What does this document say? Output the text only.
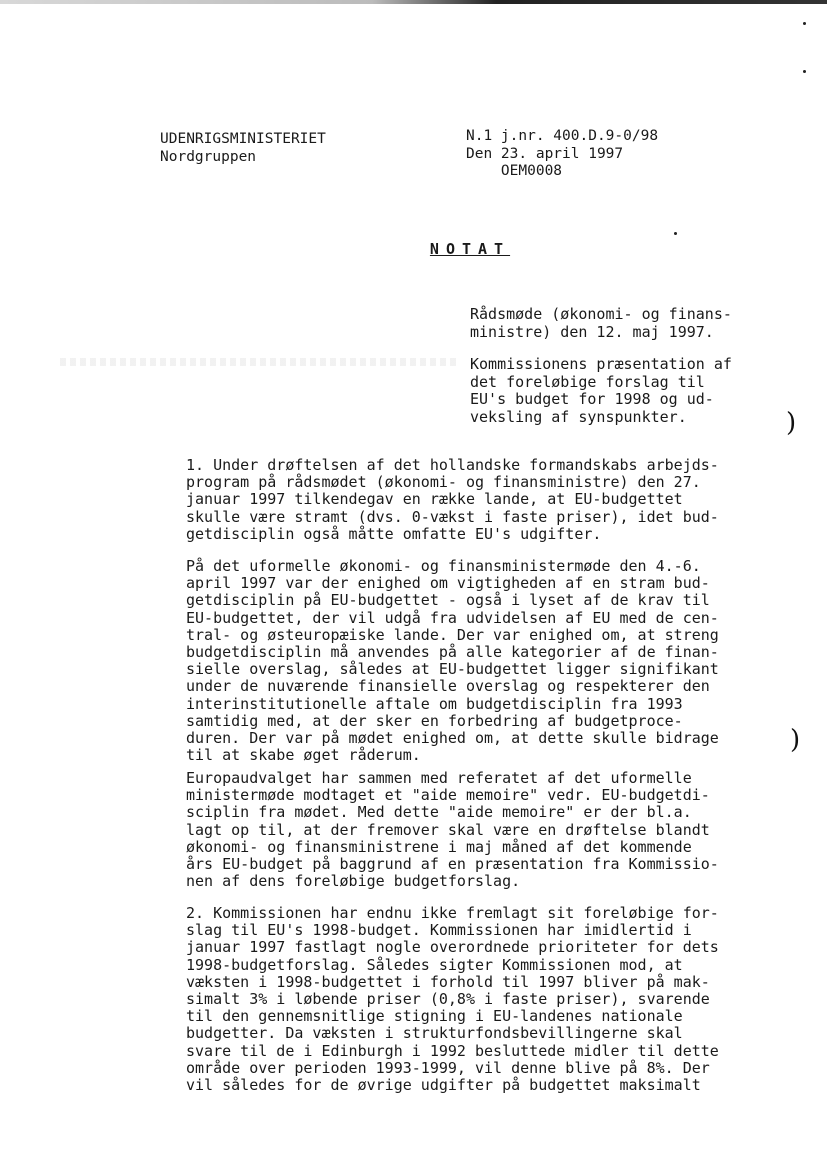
UDENRIGSMINISTERIET
Nordgruppen
N.1 j.nr. 400.D.9-0/98
Den 23. april 1997
OEM0008
NOTAT
Rådsmøde (økonomi- og finans-
ministre) den 12. maj 1997.
Kommissionens præsentation af
det foreløbige forslag til
EU's budget for 1998 og ud-
veksling af synspunkter.
1. Under drøftelsen af det hollandske formandskabs arbejds-
program på rådsmødet (økonomi- og finansministre) den 27.
januar 1997 tilkendegav en række lande, at EU-budgettet
skulle være stramt (dvs. 0-vækst i faste priser), idet bud-
getdisciplin også måtte omfatte EU's udgifter.
På det uformelle økonomi- og finansministermøde den 4.-6.
april 1997 var der enighed om vigtigheden af en stram bud-
getdisciplin på EU-budgettet - også i lyset af de krav til
EU-budgettet, der vil udgå fra udvidelsen af EU med de cen-
tral- og østeuropæiske lande. Der var enighed om, at streng
budgetdisciplin må anvendes på alle kategorier af de finan-
sielle overslag, således at EU-budgettet ligger signifikant
under de nuværende finansielle overslag og respekterer den
interinstitutionelle aftale om budgetdisciplin fra 1993
samtidig med, at der sker en forbedring af budgetproce-
duren. Der var på mødet enighed om, at dette skulle bidrage
til at skabe øget råderum.
Europaudvalget har sammen med referatet af det uformelle
ministermøde modtaget et "aide memoire" vedr. EU-budgetdi-
sciplin fra mødet. Med dette "aide memoire" er der bl.a.
lagt op til, at der fremover skal være en drøftelse blandt
økonomi- og finansministrene i maj måned af det kommende
års EU-budget på baggrund af en præsentation fra Kommissio-
nen af dens foreløbige budgetforslag.
2. Kommissionen har endnu ikke fremlagt sit foreløbige for-
slag til EU's 1998-budget. Kommissionen har imidlertid i
januar 1997 fastlagt nogle overordnede prioriteter for dets
1998-budgetforslag. Således sigter Kommissionen mod, at
væksten i 1998-budgettet i forhold til 1997 bliver på mak-
simalt 3% i løbende priser (0,8% i faste priser), svarende
til den gennemsnitlige stigning i EU-landenes nationale
budgetter. Da væksten i strukturfondsbevillingerne skal
svare til de i Edinburgh i 1992 besluttede midler til dette
område over perioden 1993-1999, vil denne blive på 8%. Der
vil således for de øvrige udgifter på budgettet maksimalt
)
)
